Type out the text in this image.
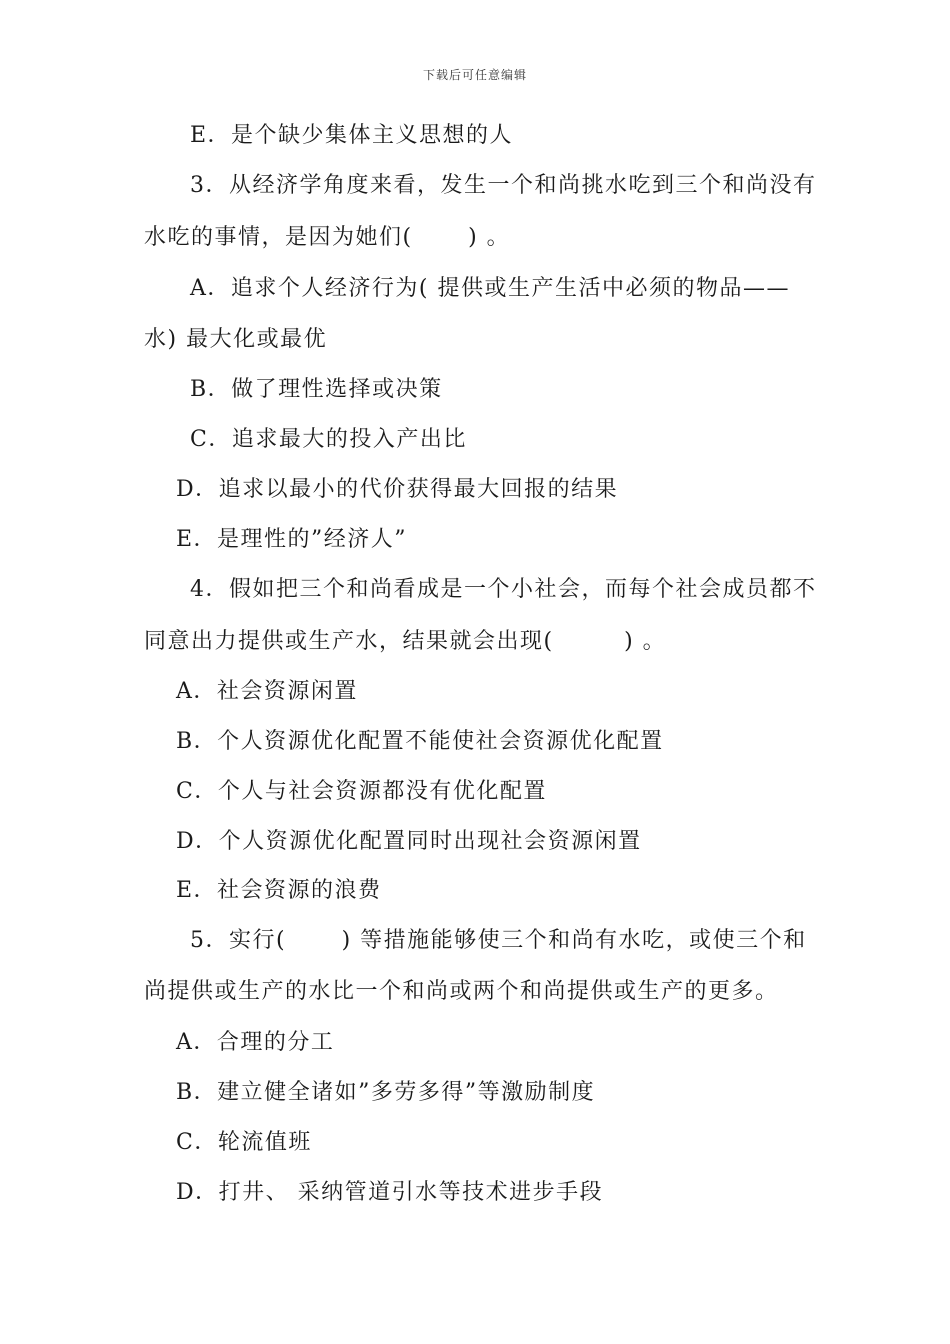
下载后可任意编辑
E．是个缺少集体主义思想的人
3．从经济学角度来看，发生一个和尚挑水吃到三个和尚没有
水吃的事情，是因为她们(　　 ) 。
A．追求个人经济行为( 提供或生产生活中必须的物品——
水) 最大化或最优
B．做了理性选择或决策
C．追求最大的投入产出比
D．追求以最小的代价获得最大回报的结果
E．是理性的”经济人”
4．假如把三个和尚看成是一个小社会，而每个社会成员都不
同意出力提供或生产水，结果就会出现(　　　) 。
A．社会资源闲置
B．个人资源优化配置不能使社会资源优化配置
C．个人与社会资源都没有优化配置
D．个人资源优化配置同时出现社会资源闲置
E．社会资源的浪费
5．实行(　　 ) 等措施能够使三个和尚有水吃，或使三个和
尚提供或生产的水比一个和尚或两个和尚提供或生产的更多。
A．合理的分工
B．建立健全诸如”多劳多得”等激励制度
C．轮流值班
D．打井、 采纳管道引水等技术进步手段
